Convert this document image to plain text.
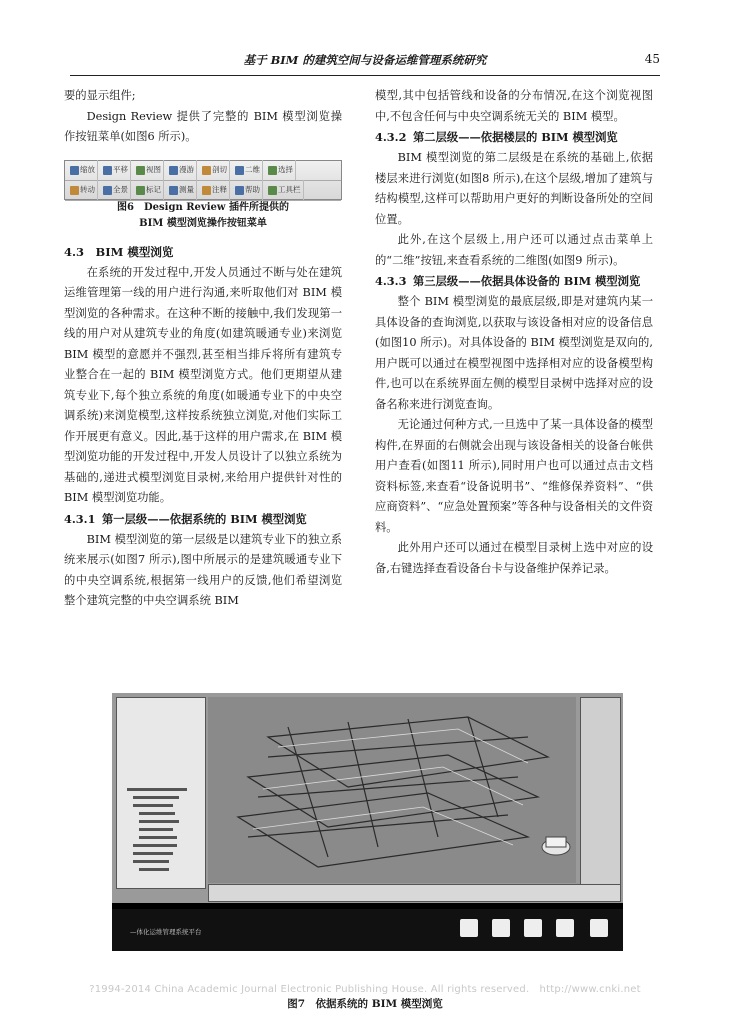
基于 BIM 的建筑空间与设备运维管理系统研究	45

要的显示组件;

Design Review 提供了完整的 BIM 模型浏览操作按钮菜单(如图6 所示)。

缩放 平移 视图 漫游 剖切 二维 选择
转动 全景 标记 测量 注释 帮助 工具栏
图6　Design Review 插件所提供的
BIM 模型浏览操作按钮菜单
4.3　BIM 模型浏览

在系统的开发过程中,开发人员通过不断与处在建筑运维管理第一线的用户进行沟通,来听取他们对 BIM 模型浏览的各种需求。在这种不断的接触中,我们发现第一线的用户对从建筑专业的角度(如建筑暖通专业)来浏览 BIM 模型的意愿并不强烈,甚至相当排斥将所有建筑专业整合在一起的 BIM 模型浏览方式。他们更期望从建筑专业下,每个独立系统的角度(如暖通专业下的中央空调系统)来浏览模型,这样按系统独立浏览,对他们实际工作开展更有意义。因此,基于这样的用户需求,在 BIM 模型浏览功能的开发过程中,开发人员设计了以独立系统为基础的,递进式模型浏览目录树,来给用户提供针对性的 BIM 模型浏览功能。

4.3.1 第一层级——依据系统的 BIM 模型浏览

BIM 模型浏览的第一层级是以建筑专业下的独立系统来展示(如图7 所示),图中所展示的是建筑暖通专业下的中央空调系统,根据第一线用户的反馈,他们希望浏览整个建筑完整的中央空调系统 BIM

模型,其中包括管线和设备的分布情况,在这个浏览视图中,不包含任何与中央空调系统无关的 BIM 模型。

4.3.2 第二层级——依据楼层的 BIM 模型浏览

BIM 模型浏览的第二层级是在系统的基础上,依据楼层来进行浏览(如图8 所示),在这个层级,增加了建筑与结构模型,这样可以帮助用户更好的判断设备所处的空间位置。

此外,在这个层级上,用户还可以通过点击菜单上的“二维”按钮,来查看系统的二维图(如图9 所示)。

4.3.3 第三层级——依据具体设备的 BIM 模型浏览

整个 BIM 模型浏览的最底层级,即是对建筑内某一具体设备的查询浏览,以获取与该设备相对应的设备信息(如图10 所示)。对具体设备的 BIM 模型浏览是双向的,用户既可以通过在模型视图中选择相对应的设备模型构件,也可以在系统界面左侧的模型目录树中选择对应的设备名称来进行浏览查询。

无论通过何种方式,一旦选中了某一具体设备的模型构件,在界面的右侧就会出现与该设备相关的设备台帐供用户查看(如图11 所示),同时用户也可以通过点击文档资料标签,来查看“设备说明书”、“维修保养资料”、“供应商资料”、“应急处置预案”等各种与设备相关的文件资料。

此外用户还可以通过在模型目录树上选中对应的设备,右键选择查看设备台卡与设备维护保养记录。

—体化运维管理系统平台
?1994-2014 China Academic Journal Electronic Publishing House. All rights reserved.　http://www.cnki.net
图7　依据系统的 BIM 模型浏览
